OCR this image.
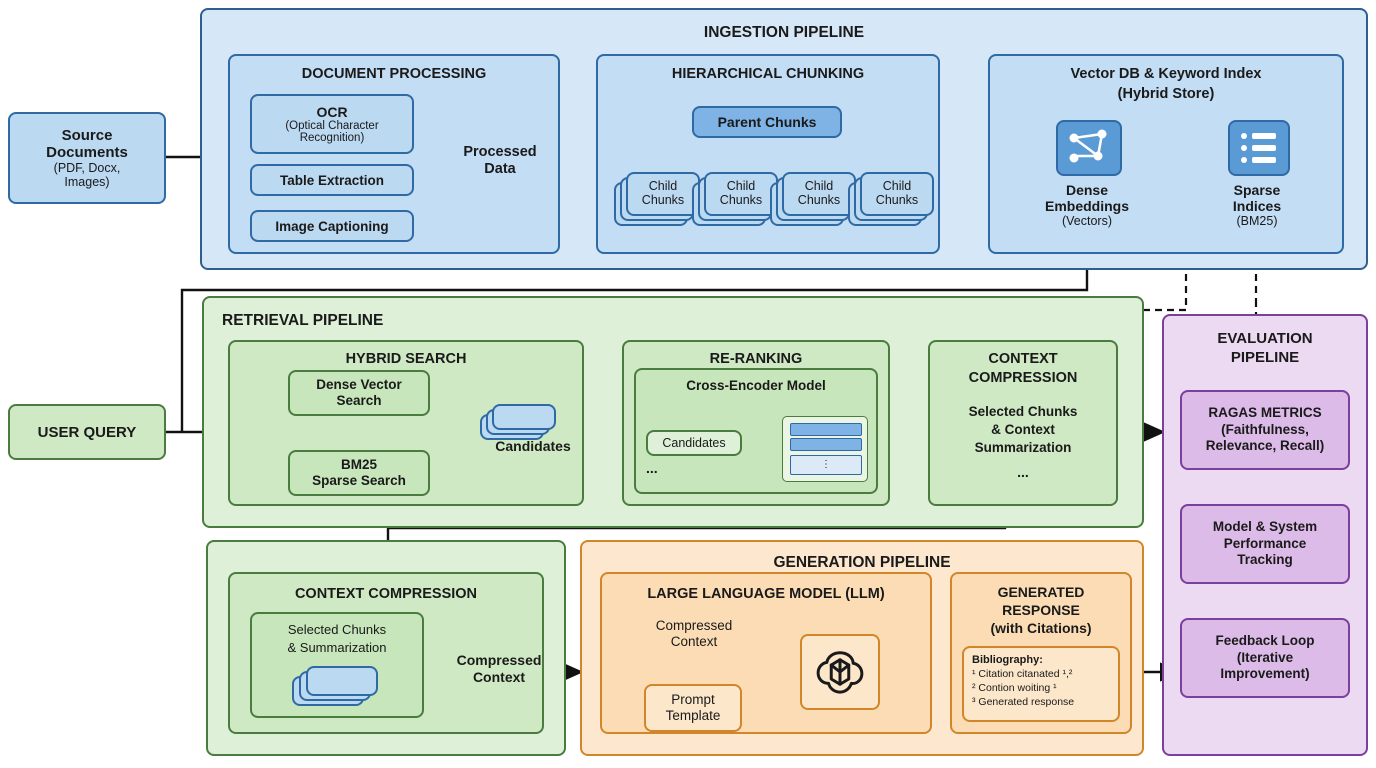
Source
Documents
(PDF, Docx,
Images)
INGESTION PIPELINE
DOCUMENT PROCESSING
OCR
(Optical Character
Recognition)
Table Extraction
Image Captioning
Processed
Data
HIERARCHICAL CHUNKING
Parent Chunks
Child
Chunks
Child
Chunks
Child
Chunks
Child
Chunks
Vector DB & Keyword Index
(Hybrid Store)
Dense
Embeddings
(Vectors)
Sparse
Indices
(BM25)
USER QUERY
RETRIEVAL PIPELINE
HYBRID SEARCH
Dense Vector
Search
BM25
Sparse Search
Candidates
RE-RANKING
Cross-Encoder Model
Candidates
...	⋮
CONTEXT
COMPRESSION
Selected Chunks
& Context
Summarization
...
CONTEXT COMPRESSION
Selected Chunks
& Summarization
Compressed
Context
GENERATION PIPELINE
LARGE LANGUAGE MODEL (LLM)
Compressed
Context
Prompt
Template
GENERATED
RESPONSE
(with Citations)
Bibliography:
¹ Citation citanated ¹,²
² Contion woiting ¹
³ Generated response
EVALUATION
PIPELINE
RAGAS METRICS
(Faithfulness,
Relevance, Recall)
Model & System
Performance
Tracking
Feedback Loop
(Iterative
Improvement)
